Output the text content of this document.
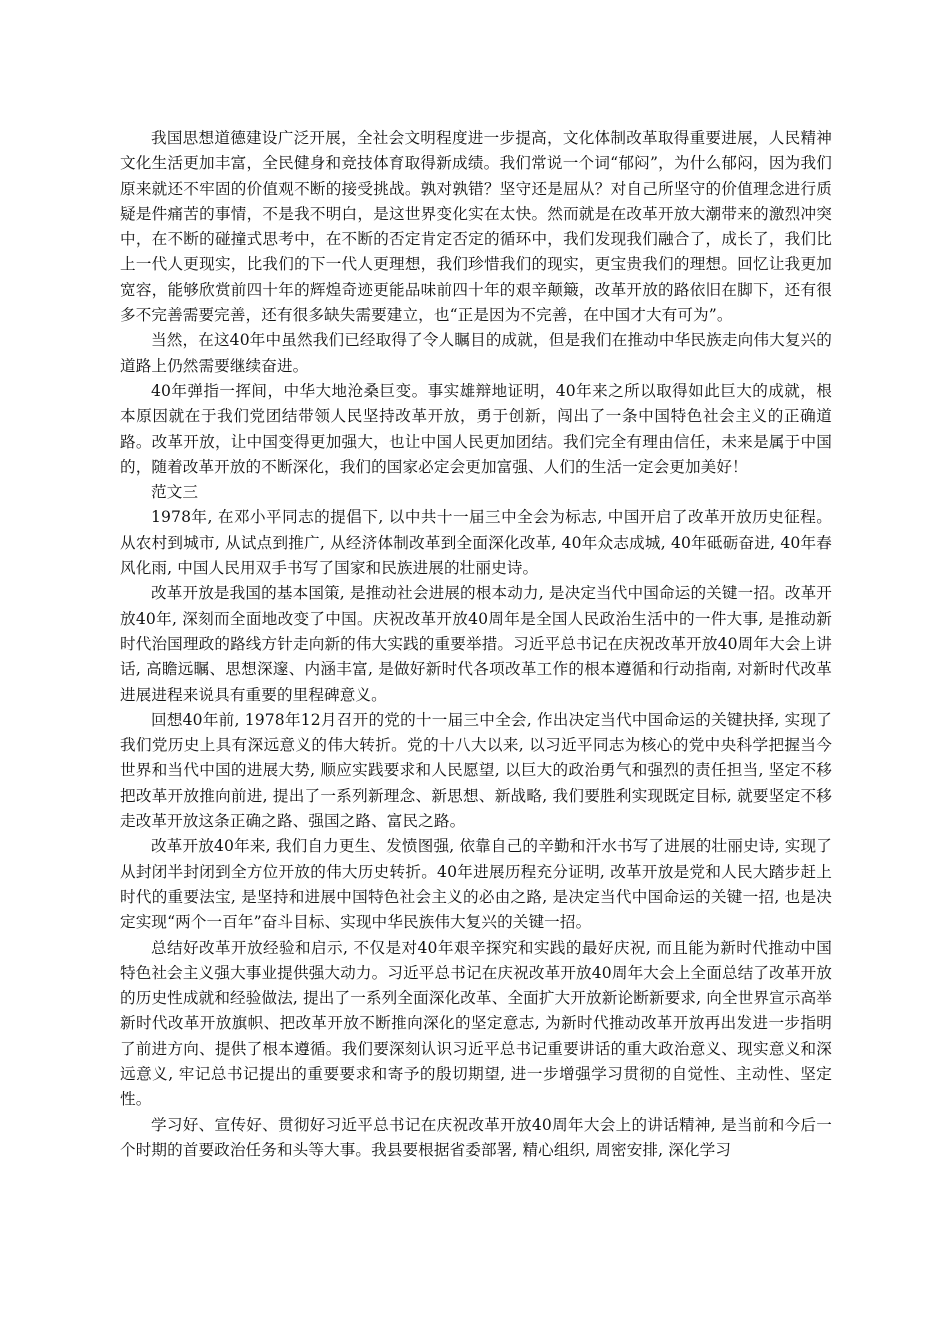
我国思想道德建设广泛开展，全社会文明程度进一步提高，文化体制改革取得重要进展，人民精神文化生活更加丰富，全民健身和竞技体育取得新成绩。我们常说一个词“郁闷”，为什么郁闷，因为我们原来就还不牢固的价值观不断的接受挑战。孰对孰错？坚守还是屈从？对自己所坚守的价值理念进行质疑是件痛苦的事情，不是我不明白，是这世界变化实在太快。然而就是在改革开放大潮带来的激烈冲突中，在不断的碰撞式思考中，在不断的否定肯定否定的循环中，我们发现我们融合了，成长了，我们比上一代人更现实，比我们的下一代人更理想，我们珍惜我们的现实，更宝贵我们的理想。回忆让我更加宽容，能够欣赏前四十年的辉煌奇迹更能品味前四十年的艰辛颠簸，改革开放的路依旧在脚下，还有很多不完善需要完善，还有很多缺失需要建立，也“正是因为不完善，在中国才大有可为”。

当然，在这40年中虽然我们已经取得了令人瞩目的成就，但是我们在推动中华民族走向伟大复兴的道路上仍然需要继续奋进。

40年弹指一挥间，中华大地沧桑巨变。事实雄辩地证明，40年来之所以取得如此巨大的成就，根本原因就在于我们党团结带领人民坚持改革开放，勇于创新，闯出了一条中国特色社会主义的正确道路。改革开放，让中国变得更加强大，也让中国人民更加团结。我们完全有理由信任，未来是属于中国的，随着改革开放的不断深化，我们的国家必定会更加富强、人们的生活一定会更加美好！

范文三

1978年, 在邓小平同志的提倡下, 以中共十一届三中全会为标志, 中国开启了改革开放历史征程。从农村到城市, 从试点到推广, 从经济体制改革到全面深化改革, 40年众志成城, 40年砥砺奋进, 40年春风化雨, 中国人民用双手书写了国家和民族进展的壮丽史诗。

改革开放是我国的基本国策, 是推动社会进展的根本动力, 是决定当代中国命运的关键一招。改革开放40年, 深刻而全面地改变了中国。庆祝改革开放40周年是全国人民政治生活中的一件大事, 是推动新时代治国理政的路线方针走向新的伟大实践的重要举措。习近平总书记在庆祝改革开放40周年大会上讲话, 高瞻远瞩、思想深邃、内涵丰富, 是做好新时代各项改革工作的根本遵循和行动指南, 对新时代改革进展进程来说具有重要的里程碑意义。

回想40年前, 1978年12月召开的党的十一届三中全会, 作出决定当代中国命运的关键抉择, 实现了我们党历史上具有深远意义的伟大转折。党的十八大以来, 以习近平同志为核心的党中央科学把握当今世界和当代中国的进展大势, 顺应实践要求和人民愿望, 以巨大的政治勇气和强烈的责任担当, 坚定不移把改革开放推向前进, 提出了一系列新理念、新思想、新战略, 我们要胜利实现既定目标, 就要坚定不移走改革开放这条正确之路、强国之路、富民之路。

改革开放40年来, 我们自力更生、发愤图强, 依靠自己的辛勤和汗水书写了进展的壮丽史诗, 实现了从封闭半封闭到全方位开放的伟大历史转折。40年进展历程充分证明, 改革开放是党和人民大踏步赶上时代的重要法宝, 是坚持和进展中国特色社会主义的必由之路, 是决定当代中国命运的关键一招, 也是决定实现“两个一百年”奋斗目标、实现中华民族伟大复兴的关键一招。

总结好改革开放经验和启示, 不仅是对40年艰辛探究和实践的最好庆祝, 而且能为新时代推动中国特色社会主义强大事业提供强大动力。习近平总书记在庆祝改革开放40周年大会上全面总结了改革开放的历史性成就和经验做法, 提出了一系列全面深化改革、全面扩大开放新论断新要求, 向全世界宣示高举新时代改革开放旗帜、把改革开放不断推向深化的坚定意志, 为新时代推动改革开放再出发进一步指明了前进方向、提供了根本遵循。我们要深刻认识习近平总书记重要讲话的重大政治意义、现实意义和深远意义, 牢记总书记提出的重要要求和寄予的殷切期望, 进一步增强学习贯彻的自觉性、主动性、坚定性。

学习好、宣传好、贯彻好习近平总书记在庆祝改革开放40周年大会上的讲话精神, 是当前和今后一个时期的首要政治任务和头等大事。我县要根据省委部署, 精心组织, 周密安排, 深化学习
